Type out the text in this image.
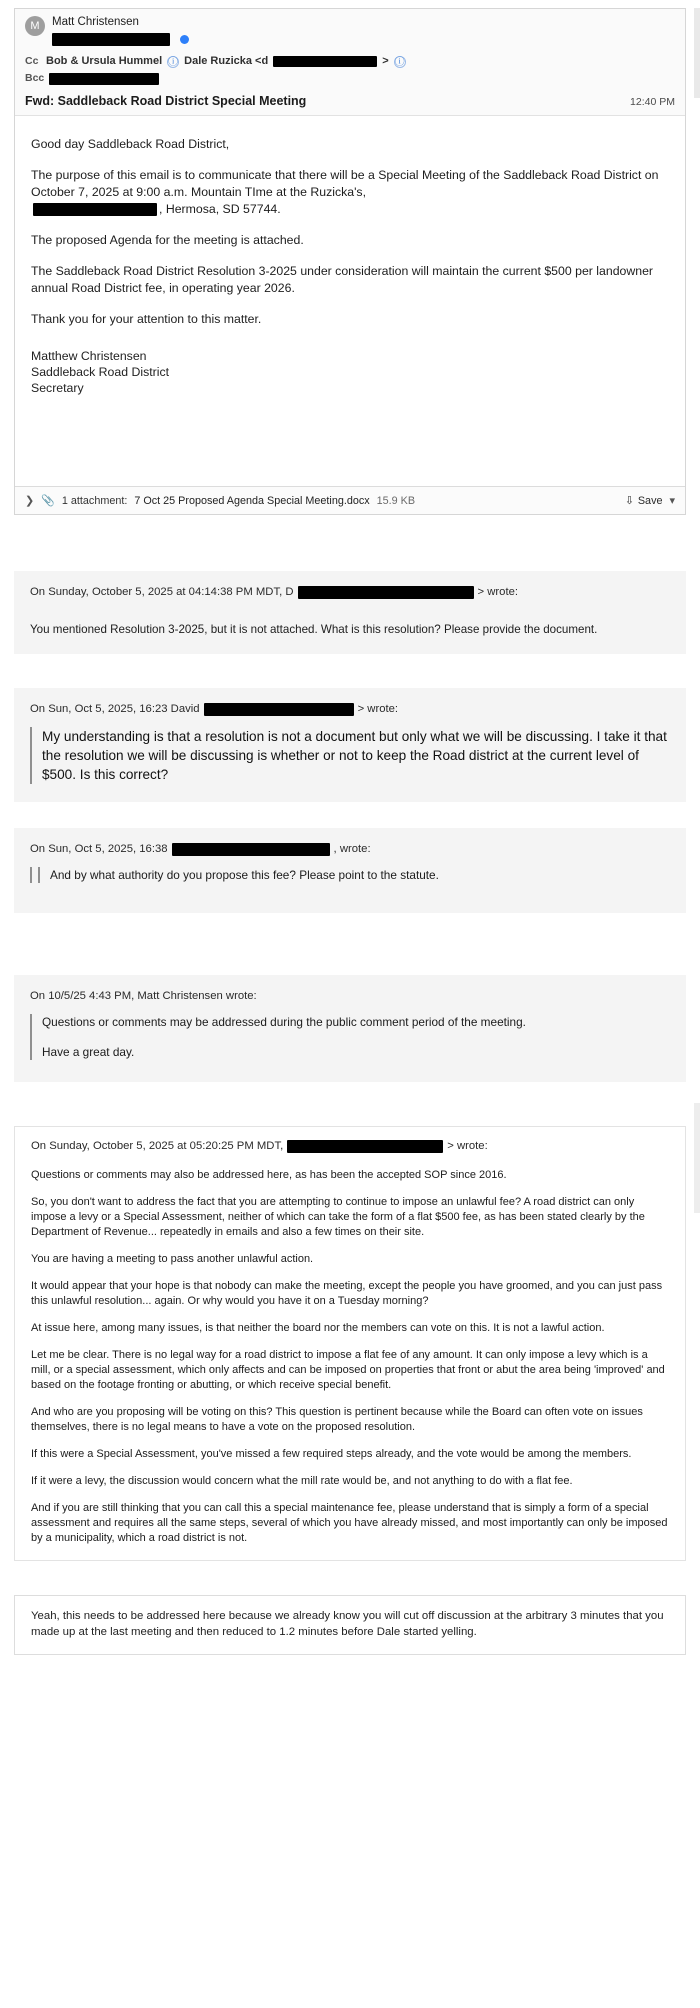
M	Matt Christensen

Cc Bob & Ursula Hummel ⓘ Dale Ruzicka <d	> ⓘ
Bcc
Fwd: Saddleback Road District Special Meeting	12:40 PM

Good day Saddleback Road District,

The purpose of this email is to communicate that there will be a Special Meeting of the Saddleback Road District on October 7, 2025 at 9:00 a.m. Mountain TIme at the Ruzicka's,
, Hermosa, SD 57744.

The proposed Agenda for the meeting is attached.

The Saddleback Road District Resolution 3-2025 under consideration will maintain the current $500 per landowner annual Road District fee, in operating year 2026.

Thank you for your attention to this matter.

Matthew Christensen
Saddleback Road District
Secretary
❯ 📎 1 attachment: 7 Oct 25 Proposed Agenda Special Meeting.docx 15.9 KB	⇩ Save ▾
On Sunday, October 5, 2025 at 04:14:38 PM MDT, D	> wrote:

You mentioned Resolution 3-2025, but it is not attached. What is this resolution? Please provide the document.

On Sun, Oct 5, 2025, 16:23 David	> wrote:

My understanding is that a resolution is not a document but only what we will be discussing. I take it that the resolution we will be discussing is whether or not to keep the Road district at the current level of $500. Is this correct?

On Sun, Oct 5, 2025, 16:38	, wrote:

And by what authority do you propose this fee? Please point to the statute.

On 10/5/25 4:43 PM, Matt Christensen wrote:

Questions or comments may be addressed during the public comment period of the meeting.

Have a great day.

On Sunday, October 5, 2025 at 05:20:25 PM MDT,	> wrote:

Questions or comments may also be addressed here, as has been the accepted SOP since 2016.

So, you don't want to address the fact that you are attempting to continue to impose an unlawful fee? A road district can only impose a levy or a Special Assessment, neither of which can take the form of a flat $500 fee, as has been stated clearly by the Department of Revenue... repeatedly in emails and also a few times on their site.

You are having a meeting to pass another unlawful action.

It would appear that your hope is that nobody can make the meeting, except the people you have groomed, and you can just pass this unlawful resolution... again. Or why would you have it on a Tuesday morning?

At issue here, among many issues, is that neither the board nor the members can vote on this. It is not a lawful action.

Let me be clear. There is no legal way for a road district to impose a flat fee of any amount. It can only impose a levy which is a mill, or a special assessment, which only affects and can be imposed on properties that front or abut the area being 'improved' and based on the footage fronting or abutting, or which receive special benefit.

And who are you proposing will be voting on this? This question is pertinent because while the Board can often vote on issues themselves, there is no legal means to have a vote on the proposed resolution.

If this were a Special Assessment, you've missed a few required steps already, and the vote would be among the members.

If it were a levy, the discussion would concern what the mill rate would be, and not anything to do with a flat fee.

And if you are still thinking that you can call this a special maintenance fee, please understand that is simply a form of a special assessment and requires all the same steps, several of which you have already missed, and most importantly can only be imposed by a municipality, which a road district is not.

Yeah, this needs to be addressed here because we already know you will cut off discussion at the arbitrary 3 minutes that you made up at the last meeting and then reduced to 1.2 minutes before Dale started yelling.
